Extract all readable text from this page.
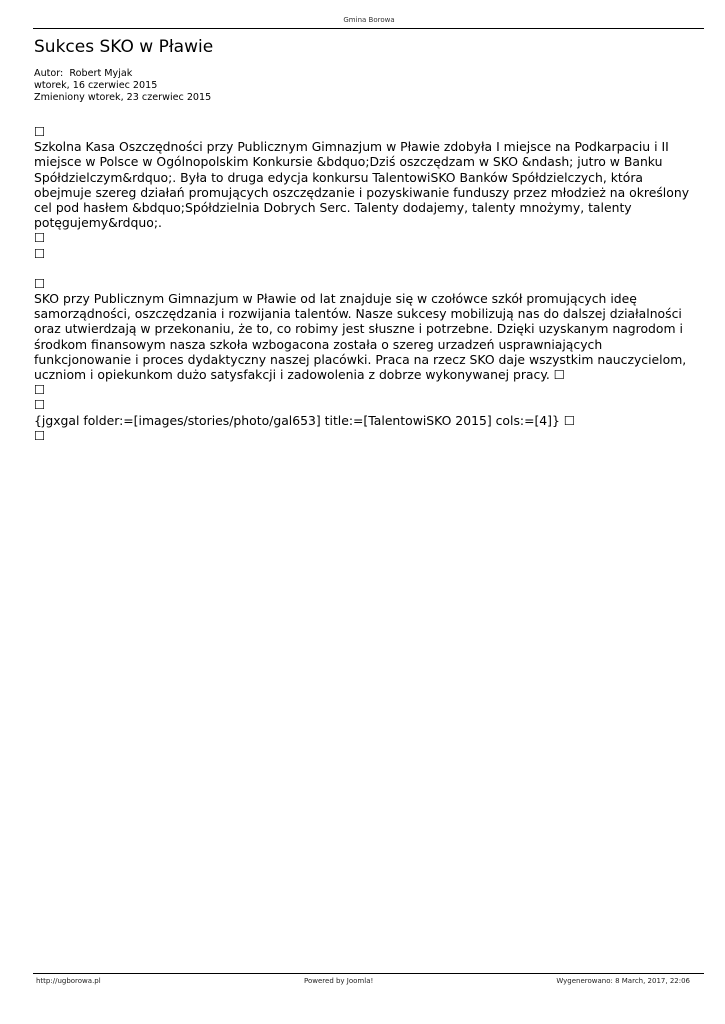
Gmina Borowa
Sukces SKO w Pławie
Autor: Robert Myjak
wtorek, 16 czerwiec 2015
Zmieniony wtorek, 23 czerwiec 2015
☐
Szkolna Kasa Oszczędności przy Publicznym Gimnazjum w Pławie zdobyła I miejsce na Podkarpaciu i II
miejsce w Polsce w Ogólnopolskim Konkursie &bdquo;Dziś oszczędzam w SKO &ndash; jutro w Banku
Spółdzielczym&rdquo;. Była to druga edycja konkursu TalentowiSKO Banków Spółdzielczych, która
obejmuje szereg działań promujących oszczędzanie i pozyskiwanie funduszy przez młodzież na określony
cel pod hasłem &bdquo;Spółdzielnia Dobrych Serc. Talenty dodajemy, talenty mnożymy, talenty
potęgujemy&rdquo;.
☐
☐
☐
SKO przy Publicznym Gimnazjum w Pławie od lat znajduje się w czołówce szkół promujących ideę
samorządności, oszczędzania i rozwijania talentów. Nasze sukcesy mobilizują nas do dalszej działalności
oraz utwierdzają w przekonaniu, że to, co robimy jest słuszne i potrzebne. Dzięki uzyskanym nagrodom i
środkom finansowym nasza szkoła wzbogacona została o szereg urzadzeń usprawniających
funkcjonowanie i proces dydaktyczny naszej placówki. Praca na rzecz SKO daje wszystkim nauczycielom,
uczniom i opiekunkom dużo satysfakcji i zadowolenia z dobrze wykonywanej pracy. ☐
☐
☐
{jgxgal folder:=[images/stories/photo/gal653] title:=[TalentowiSKO 2015] cols:=[4]} ☐
☐
http://ugborowa.pl	Powered by Joomla!	Wygenerowano: 8 March, 2017, 22:06
